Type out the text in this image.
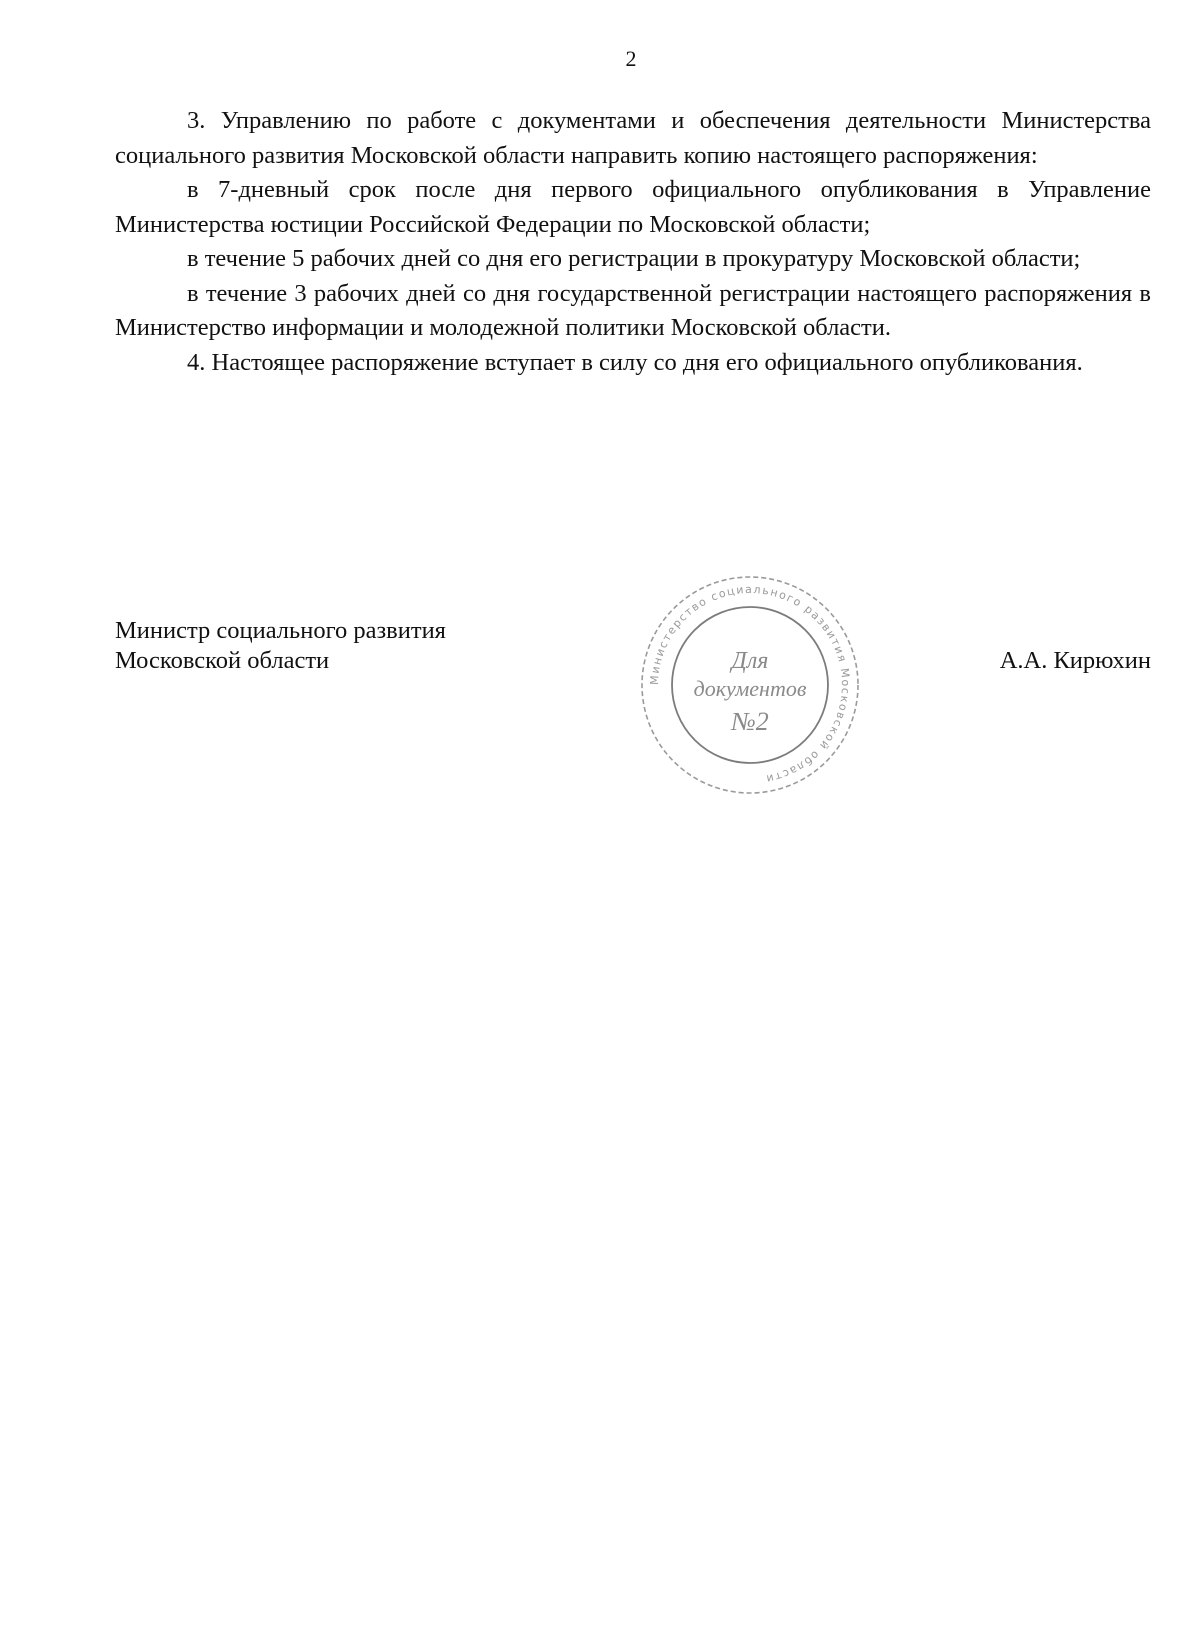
2

3. Управлению по работе с документами и обеспечения деятельности Министерства социального развития Московской области направить копию настоящего распоряжения:

в 7-дневный срок после дня первого официального опубликования в Управление Министерства юстиции Российской Федерации по Московской области;

в течение 5 рабочих дней со дня его регистрации в прокуратуру Московской области;

в течение 3 рабочих дней со дня государственной регистрации настоящего распоряжения в Министерство информации и молодежной политики Московской области.

4. Настоящее распоряжение вступает в силу со дня его официального опубликования.

Министр социального развития
Московской области
Министерство социального развития Московской области
Для
документов
№2
А.А. Кирюхин
